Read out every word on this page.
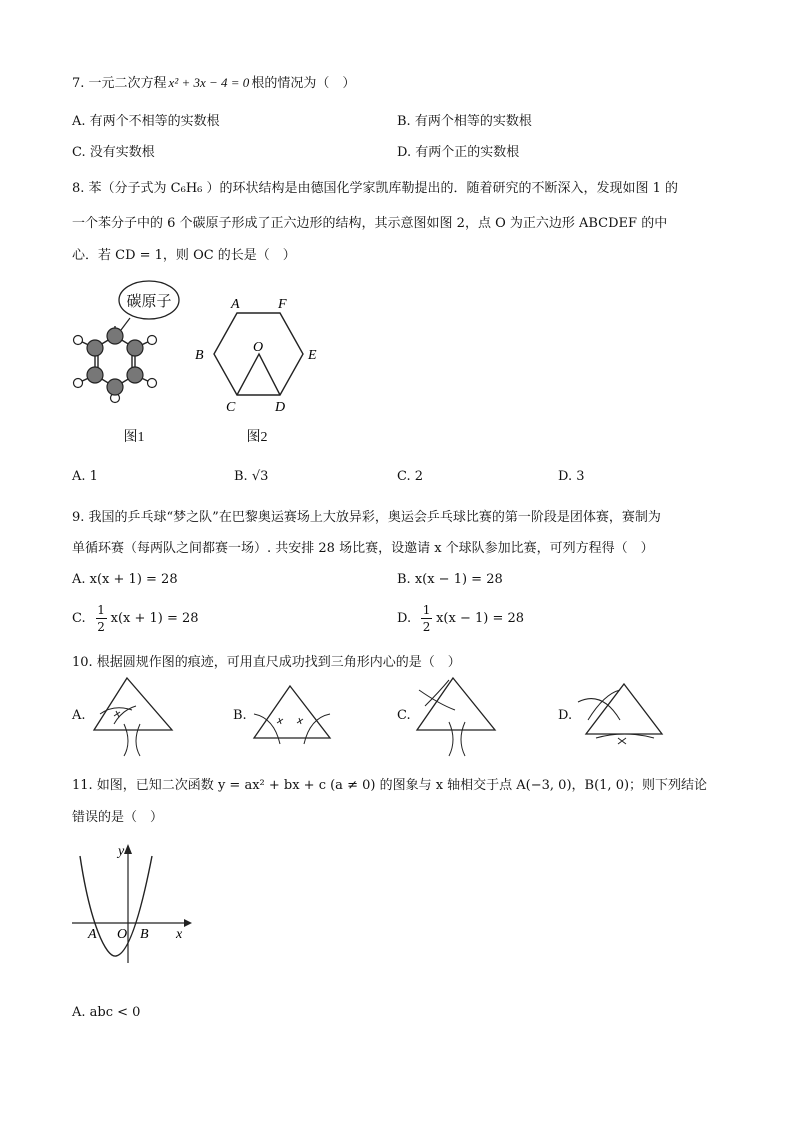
7. 一元二次方程 x² + 3x − 4 = 0 根的情况为（　）
A. 有两个不相等的实数根	B. 有两个相等的实数根
C. 没有实数根	D. 有两个正的实数根
8. 苯（分子式为 C₆H₆ ）的环状结构是由德国化学家凯库勒提出的．随着研究的不断深入，发现如图 1 的
一个苯分子中的 6 个碳原子形成了正六边形的结构，其示意图如图 2，点 O 为正六边形 ABCDEF 的中
心．若 CD = 1，则 OC 的长是（　）
碳原子
图1
A	F
B	E
O
C	D
图2
A. 1	B. √3	C. 2	D. 3
9. 我国的乒乓球“梦之队”在巴黎奥运赛场上大放异彩，奥运会乒乓球比赛的第一阶段是团体赛，赛制为
单循环赛（每两队之间都赛一场）. 共安排 28 场比赛，设邀请 x 个球队参加比赛，可列方程得（　）
A. x(x + 1) = 28	B. x(x − 1) = 28
C.
1
2
x(x + 1) = 28	D.
1
2
x(x − 1) = 28
10. 根据圆规作图的痕迹，可用直尺成功找到三角形内心的是（　）
A.	B.	C.	D.
11. 如图，已知二次函数 y = ax² + bx + c (a ≠ 0) 的图象与 x 轴相交于点 A(−3, 0)，B(1, 0)；则下列结论
错误的是（　）
y
x
A O B
A. abc < 0
